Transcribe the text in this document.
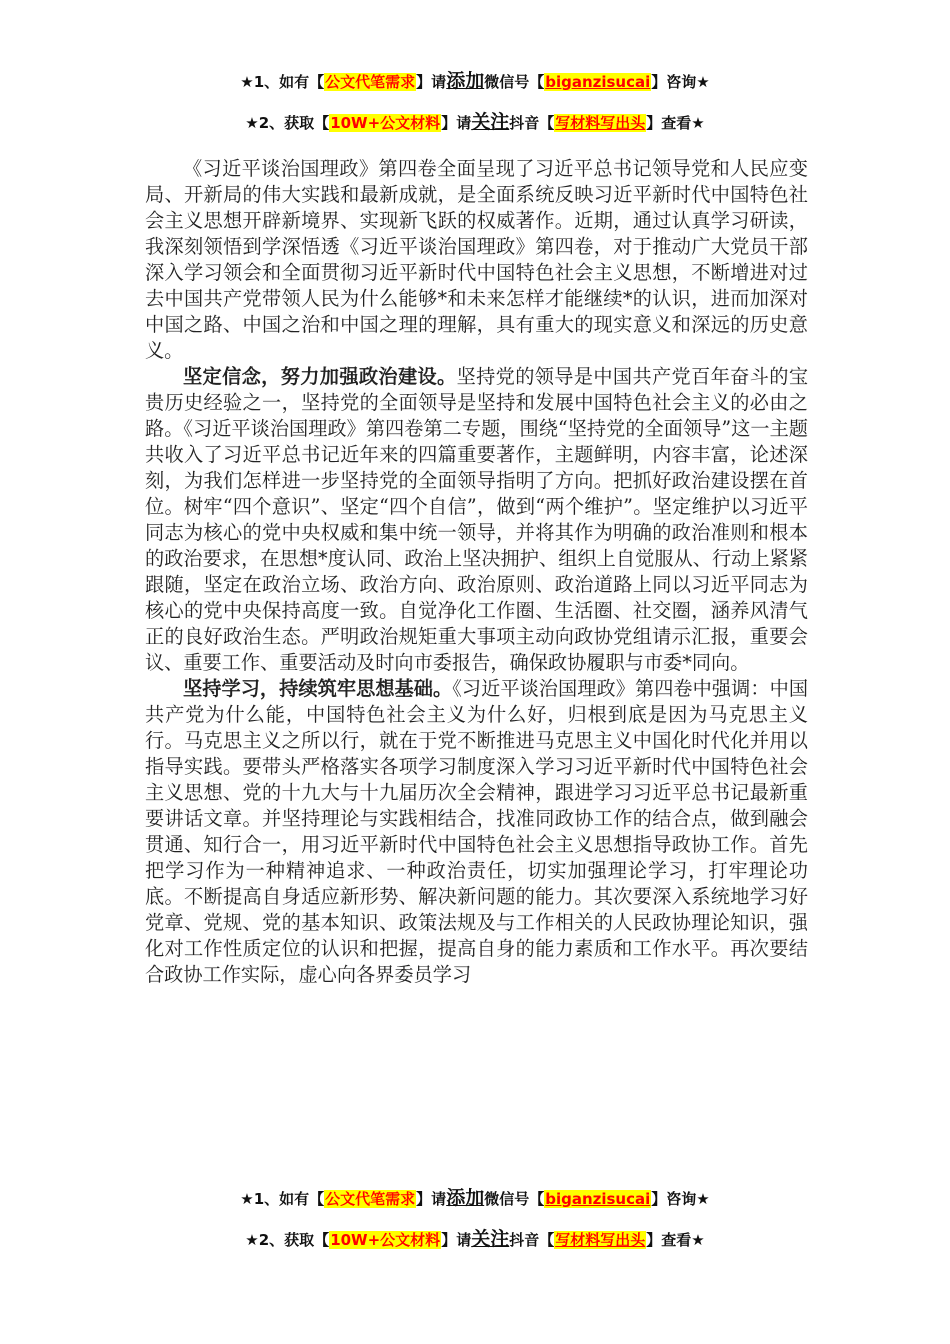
★1、如有【公文代笔需求】请添加微信号【biganzisucai】咨询★
★2、获取【10W+公文材料】请关注抖音【写材料写出头】查看★

《习近平谈治国理政》第四卷全面呈现了习近平总书记领导党和人民应变局、开新局的伟大实践和最新成就，是全面系统反映习近平新时代中国特色社会主义思想开辟新境界、实现新飞跃的权威著作。近期，通过认真学习研读，我深刻领悟到学深悟透《习近平谈治国理政》第四卷，对于推动广大党员干部深入学习领会和全面贯彻习近平新时代中国特色社会主义思想，不断增进对过去中国共产党带领人民为什么能够*和未来怎样才能继续*的认识，进而加深对中国之路、中国之治和中国之理的理解，具有重大的现实意义和深远的历史意义。

坚定信念，努力加强政治建设。坚持党的领导是中国共产党百年奋斗的宝贵历史经验之一，坚持党的全面领导是坚持和发展中国特色社会主义的必由之路。《习近平谈治国理政》第四卷第二专题，围绕“坚持党的全面领导”这一主题共收入了习近平总书记近年来的四篇重要著作，主题鲜明，内容丰富，论述深刻，为我们怎样进一步坚持党的全面领导指明了方向。把抓好政治建设摆在首位。树牢“四个意识”、坚定“四个自信”，做到“两个维护”。坚定维护以习近平同志为核心的党中央权威和集中统一领导，并将其作为明确的政治准则和根本的政治要求，在思想*度认同、政治上坚决拥护、组织上自觉服从、行动上紧紧跟随，坚定在政治立场、政治方向、政治原则、政治道路上同以习近平同志为核心的党中央保持高度一致。自觉净化工作圈、生活圈、社交圈，涵养风清气正的良好政治生态。严明政治规矩重大事项主动向政协党组请示汇报，重要会议、重要工作、重要活动及时向市委报告，确保政协履职与市委*同向。

坚持学习，持续筑牢思想基础。《习近平谈治国理政》第四卷中强调：中国共产党为什么能，中国特色社会主义为什么好，归根到底是因为马克思主义行。马克思主义之所以行，就在于党不断推进马克思主义中国化时代化并用以指导实践。要带头严格落实各项学习制度深入学习习近平新时代中国特色社会主义思想、党的十九大与十九届历次全会精神，跟进学习习近平总书记最新重要讲话文章。并坚持理论与实践相结合，找准同政协工作的结合点，做到融会贯通、知行合一，用习近平新时代中国特色社会主义思想指导政协工作。首先把学习作为一种精神追求、一种政治责任，切实加强理论学习，打牢理论功底。不断提高自身适应新形势、解决新问题的能力。其次要深入系统地学习好党章、党规、党的基本知识、政策法规及与工作相关的人民政协理论知识，强化对工作性质定位的认识和把握，提高自身的能力素质和工作水平。再次要结合政协工作实际，虚心向各界委员学习

★1、如有【公文代笔需求】请添加微信号【biganzisucai】咨询★
★2、获取【10W+公文材料】请关注抖音【写材料写出头】查看★
